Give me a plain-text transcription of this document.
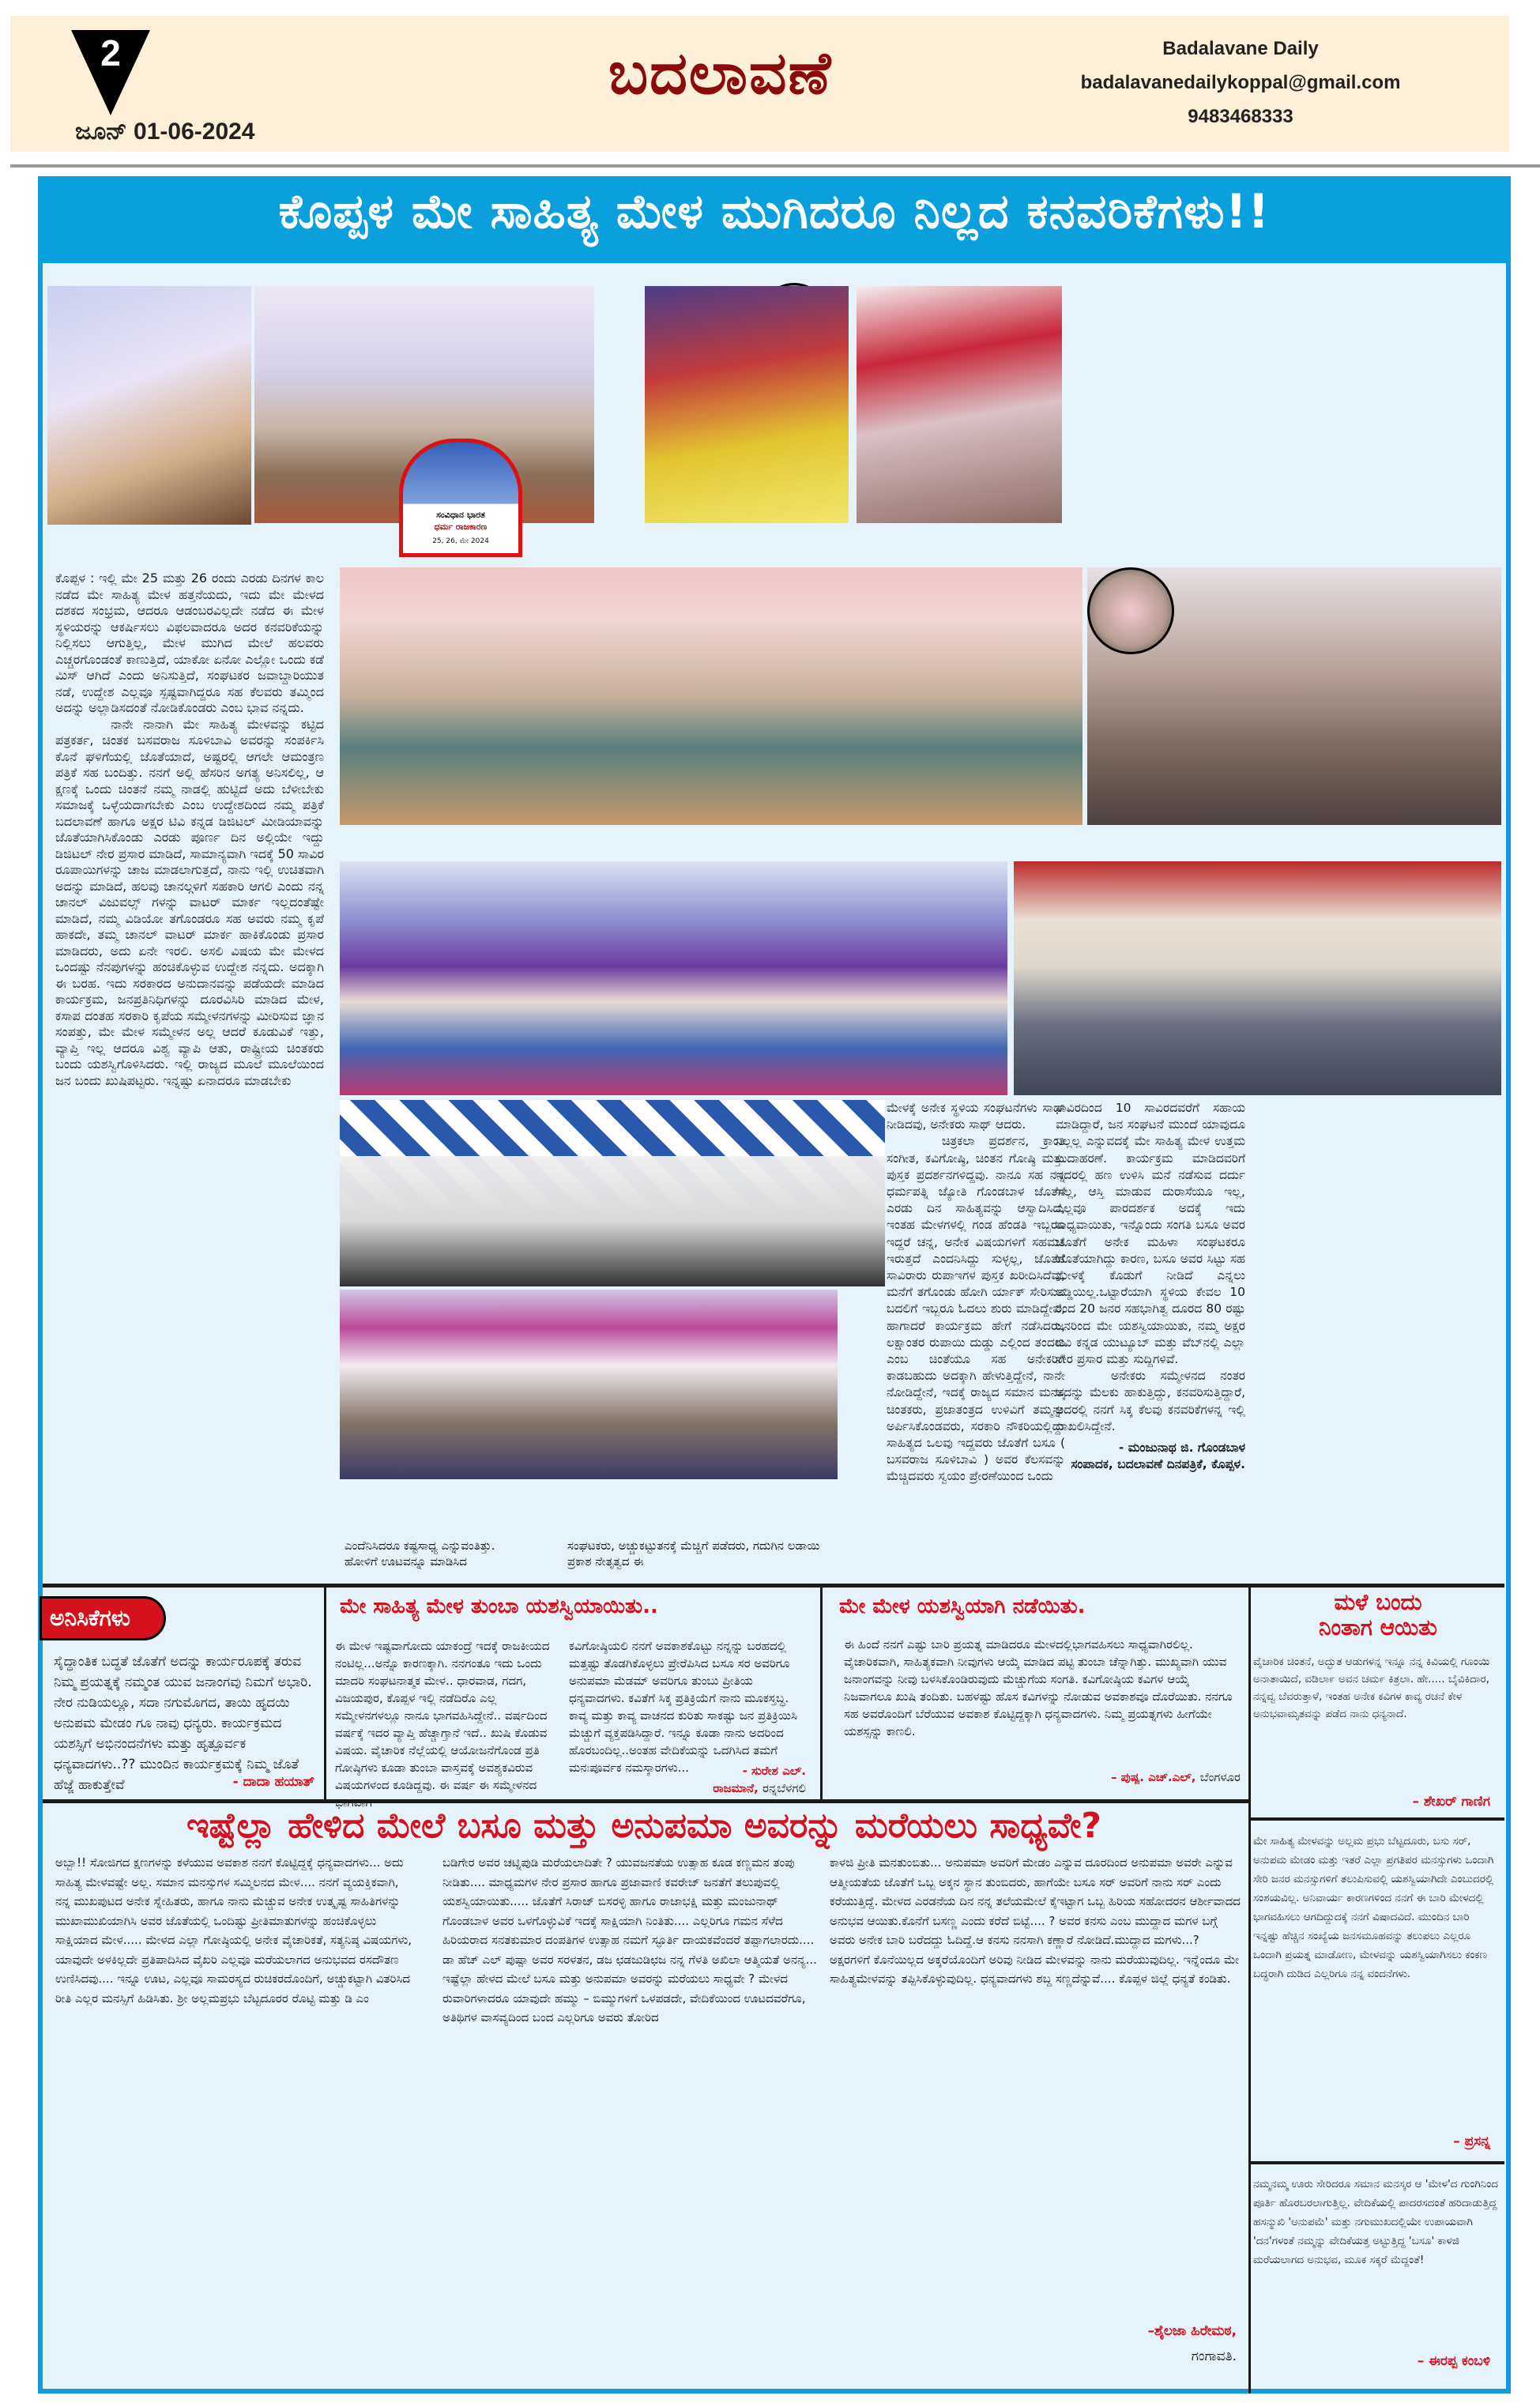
2
ಜೂನ್ 01-06-2024
ಬದಲಾವಣೆ	Badalavane Daily
badalavanedailykoppal@gmail.com
9483468333
ಕೊಪ್ಪಳ ಮೇ ಸಾಹಿತ್ಯ ಮೇಳ ಮುಗಿದರೂ ನಿಲ್ಲದ ಕನವರಿಕೆಗಳು!!
ಸಂವಿಧಾನ ಭಾರತ
ಧರ್ಮ ರಾಜಕಾರಣ
25, 26, ಮೇ 2024

ಕೊಪ್ಪಳ : ಇಲ್ಲಿ ಮೇ 25 ಮತ್ತು 26 ರಂದು ಎರಡು ದಿನಗಳ ಕಾಲ ನಡೆದ ಮೇ ಸಾಹಿತ್ಯ ಮೇಳ ಹತ್ತನೆಯದು, ಇದು ಮೇ ಮೇಳದ ದಶಕದ ಸಂಭ್ರಮ, ಆದರೂ ಆಡಂಬರವಿಲ್ಲದೇ ನಡೆದ ಈ ಮೇಳ ಸ್ಥಳಿಯರನ್ನು ಆಕರ್ಷಿಸಲು ವಿಫಲವಾದರೂ ಅದರ ಕನವರಿಕೆಯನ್ನು ನಿಲ್ಲಿಸಲು ಆಗುತ್ತಿಲ್ಲ, ಮೇಳ ಮುಗಿದ ಮೇಲೆ ಹಲವರು ಎಚ್ಚರಗೊಂಡಂತೆ ಕಾಣುತ್ತಿದೆ, ಯಾಕೋ ಏನೋ ಎಲ್ಲೋ ಒಂದು ಕಡೆ ಮಿಸ್ ಆಗಿದೆ ಎಂದು ಅನಿಸುತ್ತಿದೆ, ಸಂಘಟಕರ ಜವಾಬ್ದಾರಿಯುತ ನಡೆ, ಉದ್ದೇಶ ಎಲ್ಲವೂ ಸ್ಪಷ್ಟವಾಗಿದ್ದರೂ ಸಹ ಕೆಲವರು ತಮ್ಮಿಂದ ಅದನ್ನು ಅಲ್ಲಾಡಿಸದಂತೆ ನೋಡಿಕೊಂಡರು ಎಂಬ ಭಾವ ನನ್ನದು.

ನಾನೇ ನಾನಾಗಿ ಮೇ ಸಾಹಿತ್ಯ ಮೇಳವನ್ನು ಕಟ್ಟಿದ ಪತ್ರಕರ್ತ, ಚಿಂತಕ ಬಸವರಾಜ ಸೂಳಿಬಾವಿ ಅವರನ್ನು ಸಂಪರ್ಕಿಸಿ ಕೊನೆ ಘಳಿಗೆಯಲ್ಲಿ ಜೊತೆಯಾದೆ, ಅಷ್ಟರಲ್ಲಿ ಆಗಲೇ ಆಮಂತ್ರಣ ಪತ್ರಿಕೆ ಸಹ ಬಂದಿತ್ತು. ನನಗೆ ಅಲ್ಲಿ ಹೆಸರಿನ ಅಗತ್ಯ ಅನಿಸಲಿಲ್ಲ, ಆ ಕ್ಷಣಕ್ಕೆ ಒಂದು ಚಿಂತನೆ ನಮ್ಮ ನಾಡಲ್ಲಿ ಹುಟ್ಟಿದೆ ಅದು ಬೆಳೀಬೇಕು ಸಮಾಜಕ್ಕೆ ಒಳ್ಳೆಯದಾಗಬೇಕು ಎಂಬ ಉದ್ದೇಶದಿಂದ ನಮ್ಮ ಪತ್ರಿಕೆ ಬದಲಾವಣೆ ಹಾಗೂ ಅಕ್ಷರ ಟಿವಿ ಕನ್ನಡ ಡಿಜಿಟಲ್ ಮೀಡಿಯಾವನ್ನು ಜೊತೆಯಾಗಿಸಿಕೊಂಡು ಎರಡು ಪೂರ್ಣ ದಿನ ಅಲ್ಲಿಯೇ ಇದ್ದು ಡಿಜಿಟಲ್ ನೇರ ಪ್ರಸಾರ ಮಾಡಿದೆ, ಸಾಮಾನ್ಯವಾಗಿ ಇದಕ್ಕೆ 50 ಸಾವಿರ ರೂಪಾಯಿಗಳನ್ನು ಚಾಜ ಮಾಡಲಾಗುತ್ತದೆ, ನಾನು ಇಲ್ಲಿ ಉಚಿತವಾಗಿ ಅದನ್ನು ಮಾಡಿದೆ, ಹಲವು ಚಾನಲ್ಗಳಿಗೆ ಸಹಕಾರಿ ಆಗಲಿ ಎಂದು ನನ್ನ ಚಾನಲ್ ವಿಜುವಲ್ಸ್ ಗಳನ್ನು ವಾಟರ್ ಮಾರ್ಕ ಇಲ್ಲದಂತೆಷ್ಟೇ ಮಾಡಿದೆ, ನಮ್ಮ ವಿಡಿಯೋ ತಗೊಂಡರೂ ಸಹ ಅವರು ನಮ್ಮ ಕೃಪೆ ಹಾಕದೇ, ತಮ್ಮ ಚಾನಲ್ ವಾಟರ್ ಮಾರ್ಕ ಹಾಕಿಕೊಂಡು ಪ್ರಸಾರ ಮಾಡಿದರು, ಅದು ಏನೇ ಇರಲಿ. ಅಸಲಿ ವಿಷಯ ಮೇ ಮೇಳದ ಒಂದಷ್ಟು ನೆನಪುಗಳನ್ನು ಹಂಚಿಕೊಳ್ಳುವ ಉದ್ದೇಶ ನನ್ನದು. ಅದಕ್ಕಾಗಿ ಈ ಬರಹ. ಇದು ಸರಕಾರದ ಅನುದಾನವನ್ನು ಪಡೆಯದೇ ಮಾಡಿದ ಕಾರ್ಯಕ್ರಮ, ಜನಪ್ರತಿನಿಧಿಗಳನ್ನು ದೂರವಿಸಿರಿ ಮಾಡಿದ ಮೇಳ, ಕಸಾಪ ದಂತಹ ಸರಕಾರಿ ಕೃಪೆಯ ಸಮ್ಮೇಳನಗಳನ್ನು ಮೀರಿಸುವ ಜ್ಞಾನ ಸಂಪತ್ತು, ಮೇ ಮೇಳ ಸಮ್ಮೇಳನ ಅಲ್ಲ ಆದರೆ ಕೂಡುವಿಕೆ ಇತ್ತು, ವ್ಯಾಪ್ತಿ ಇಲ್ಲ ಆದರೂ ವಿಶ್ವ ವ್ಯಾಪಿ ಆತು, ರಾಷ್ಟ್ರೀಯ ಚಿಂತಕರು ಬಂದು ಯಶಸ್ವಿಗೊಳಿಸಿದರು. ಇಲ್ಲಿ ರಾಜ್ಯದ ಮೂಲೆ ಮೂಲೆಯಿಂದ ಜನ ಬಂದು ಖುಷಿಪಟ್ಟರು. ಇನ್ನಷ್ಟು ಏನಾದರೂ ಮಾಡಬೇಕು

ಎಂದೆನಿಸಿದರೂ ಕಷ್ಟಸಾಧ್ಯ ಎನ್ನುವಂತಿತ್ತು. ಹೋಳಿಗೆ ಊಟವನ್ನೂ ಮಾಡಿಸಿದ
ಸಂಘಟಕರು, ಅಚ್ಚುಕಟ್ಟುತನಕ್ಕೆ ಮೆಚ್ಚಿಗೆ ಪಡೆದರು, ಗದುಗಿನ ಲಡಾಯಿ ಪ್ರಕಾಶ ನೇತೃತ್ವದ ಈ

ಮೇಳಕ್ಕೆ ಅನೇಕ ಸ್ಥಳಿಯ ಸಂಘಟನೆಗಳು ಸಾಥ್ ನೀಡಿದವು, ಅನೇಕರು ಸಾಥ್ ಆದರು.

ಚಿತ್ರಕಲಾ ಪ್ರದರ್ಶನ, ಕ್ರಾಂತಿ ಸಂಗೀತ, ಕವಿಗೋಷ್ಠಿ, ಚಿಂತನ ಗೋಷ್ಠಿ ಮತ್ತು ಪುಸ್ತಕ ಪ್ರದರ್ಶನಗಳಿದ್ದವು. ನಾನೂ ಸಹ ನನ್ನ ಧರ್ಮಪತ್ನಿ ಜ್ಯೋತಿ ಗೊಂಡಬಾಳ ಜೊತೆಗೆ ಎರಡು ದಿನ ಸಾಹಿತ್ಯವನ್ನು ಆಸ್ವಾದಿಸಿದೆ, ಇಂತಹ ಮೇಳಗಳಲ್ಲಿ ಗಂಡ ಹೆಂಡತಿ ಇಬ್ಬರೂ ಇದ್ದರೆ ಚನ್ನ, ಅನೇಕ ವಿಷಯಗಳಿಗೆ ಸಹಮತಿ ಇರುತ್ತದೆ ಎಂದನಿಸಿದ್ದು ಸುಳ್ಳಲ್ಲ, ಜೊತೆಗೆ ಸಾವಿರಾರು ರುಪಾಇಗಳ ಪುಸ್ತಕ ಖರೀದಿಸಿದೆವು, ಮನೆಗೆ ತಗೊಂಡು ಹೋಗಿ ರ್ಯಾಕ್ ಸೇರಿಸುವ ಬದಲಿಗೆ ಇಬ್ಬರೂ ಓದಲು ಶುರು ಮಾಡಿದ್ದೇವೆ, ಹಾಗಾದರೆ ಕಾರ್ಯಕ್ರಮ ಹೇಗೆ ನಡೆಸಿದರು, ಲಕ್ಷಾಂತರ ರುಪಾಯಿ ದುಡ್ಡು ಎಲ್ಲಿಂದ ತಂದರು ಎಂಬ ಚಿಂತೆಯೂ ಸಹ ಅನೇಕರಿಗೆ ಕಾಡಬಹುದು ಅದಕ್ಕಾಗಿ ಹೇಳುತ್ತಿದ್ದೇನೆ, ನಾನೇ ನೋಡಿದ್ದೇನೆ, ಇದಕ್ಕೆ ರಾಜ್ಯದ ಸಮಾನ ಮನಸ್ಕ ಚಿಂತಕರು, ಪ್ರಜಾತಂತ್ರದ ಉಳಿವಿಗೆ ತಮ್ಮನ್ನು ಅರ್ಪಿಸಿಕೊಂಡವರು, ಸರಕಾರಿ ನೌಕರಿಯಲ್ಲಿದ್ದು ಸಾಹಿತ್ಯದ ಒಲವು ಇದ್ದವರು ಜೊತೆಗೆ ಬಸೂ ( ಬಸವರಾಜ ಸೂಳಿಬಾವಿ ) ಅವರ ಕೆಲಸವನ್ನು ಮೆಚ್ಚಿದವರು ಸ್ವಯಂ ಪ್ರೇರಣೆಯಿಂದ ಒಂದು

ಸಾವಿರದಿಂದ 10 ಸಾವಿರದವರೆಗೆ ಸಹಾಯ ಮಾಡಿದ್ದಾರೆ, ಜನ ಸಂಘಟನೆ ಮುಂದೆ ಯಾವುದೂ ನಿಲ್ಲಲ್ಲ ಎನ್ನುವದಕ್ಕೆ ಮೇ ಸಾಹಿತ್ಯ ಮೇಳ ಉತ್ತಮ ಉದಾಹರಣೆ. ಕಾರ್ಯಕ್ರಮ ಮಾಡಿದವರಿಗೆ ಇದರಲ್ಲಿ ಹಣ ಉಳಿಸಿ ಮನೆ ನಡೆಸುವ ದರ್ದು ಇಲ್ಲ, ಆಸ್ತಿ ಮಾಡುವ ದುರಾಸೆಯೂ ಇಲ್ಲ, ಎಲ್ಲವೂ ಪಾರದರ್ಶಕ ಅದಕ್ಕೆ ಇದು ಸಾಧ್ಯವಾಯಿತು, ಇನ್ನೊಂದು ಸಂಗತಿ ಬಸೂ ಅವರ ಜೊತೆಗೆ ಅನೇಕ ಮಹಿಳಾ ಸಂಘಟಕರೂ ಜೊತೆಯಾಗಿದ್ದು ಕಾರಣ, ಬಸೂ ಅವರ ಸಿಟ್ಟು ಸಹ ಮೇಳಕ್ಕೆ ಕೊಡುಗೆ ನೀಡಿದೆ ಎನ್ನಲು ಅಡ್ಡಿಯಿಲ್ಲ.ಒಟ್ಟಾರೆಯಾಗಿ ಸ್ಥಳಿಯ ಕೇವಲ 10 ರಿಂದ 20 ಜನರ ಸಹಭಾಗಿತ್ವ ದೂರದ 80 ರಷ್ಟು ಜನರಿಂದ ಮೇ ಯಶಸ್ವಿಯಾಯಿತು, ನಮ್ಮ ಅಕ್ಷರ ಟಿವಿ ಕನ್ನಡ ಯುಟ್ಯೂಬ್ ಮತ್ತು ವೆಬ್‌ನಲ್ಲಿ ಎಲ್ಲಾ ನೇರ ಪ್ರಸಾರ ಮತ್ತು ಸುದ್ದಿಗಳಿವೆ.

ಅನೇಕರು ಸಮ್ಮೇಳನದ ನಂತರ ಅದನ್ನು ಮೆಲಕು ಹಾಕುತ್ತಿದ್ದು, ಕನವರಿಸುತ್ತಿದ್ದಾರೆ, ಅದರಲ್ಲಿ ನನಗೆ ಸಿಕ್ಕ ಕೆಲವು ಕನವರಿಕೆಗಳನ್ನ ಇಲ್ಲಿ ದಾಖಲಿಸಿದ್ದೇನೆ.

- ಮಂಜುನಾಥ ಜಿ. ಗೊಂಡಬಾಳ
ಸಂಪಾದಕ, ಬದಲಾವಣೆ ದಿನಪತ್ರಿಕೆ, ಕೊಪ್ಪಳ.
ಅನಿಸಿಕೆಗಳು
ಸೈದ್ಧಾಂತಿಕ ಬದ್ಧತೆ ಜೊತೆಗೆ ಅದನ್ನು ಕಾರ್ಯರೂಪಕ್ಕೆ ತರುವ ನಿಮ್ಮ ಪ್ರಯತ್ನಕ್ಕೆ ನಮ್ಮಂತ ಯುವ ಜನಾಂಗವು ನಿಮಗೆ ಅಭಾರಿ. ನೇರ ನುಡಿಯಲ್ಲೂ, ಸದಾ ನಗುಮೊಗದ, ತಾಯಿ ಹೃದಯಿ ಅನುಪಮ ಮೇಡಂ ಗೂ ನಾವು ಧನ್ಯರು. ಕಾರ್ಯಕ್ರಮದ ಯಶಸ್ಸಿಗೆ ಅಭಿನಂದನೆಗಳು ಮತ್ತು ಹೃತ್ಪೂರ್ವಕ ಧನ್ಯವಾದಗಳು..?? ಮುಂದಿನ ಕಾರ್ಯಕ್ರಮಕ್ಕೆ ನಿಮ್ಮ ಜೊತೆ ಹೆಜ್ಜೆ ಹಾಕುತ್ತೇವೆ	- ದಾದಾ ಹಯಾತ್
ಮೇ ಸಾಹಿತ್ಯ ಮೇಳ ತುಂಬಾ ಯಶಸ್ವಿಯಾಯಿತು..
ಈ ಮೇಳ ಇಷ್ಟವಾಗೋದು ಯಾಕಂದ್ರೆ ಇದಕ್ಕೆ ರಾಜಕೀಯದ ನಂಟಿಲ್ಲ...ಅನ್ನೊ ಕಾರಣಕ್ಕಾಗಿ. ನನಗಂತೂ ಇದು ಒಂದು ಮಾದರಿ ಸಂಘಟನಾತ್ಮಕ ಮೇಳ.. ಧಾರವಾಡ, ಗದಗ, ವಿಜಯಪುರ, ಕೊಪ್ಪಳ ಇಲ್ಲಿ ನಡೆದಿರೊ ಎಲ್ಲ ಸಮ್ಮೇಳನಗಳಲ್ಲೂ ನಾನೂ ಭಾಗವಹಿಸಿದ್ದೇನೆ.. ವರ್ಷದಿಂದ ವರ್ಷಕ್ಕೆ ಇದರ ವ್ಯಾಪ್ತಿ ಹೆಚ್ಚಾಗ್ತಾನೆ ಇದೆ.. ಖುಷಿ ಕೊಡುವ ವಿಷಯ. ವೈಚಾರಿಕ ನೆಲ್ಲೆಯಲ್ಲಿ ಆಯೋಜನೆಗೊಂಡ ಪ್ರತಿ ಗೋಷ್ಠಿಗಳು ಕೂಡಾ ತುಂಬಾ ವಾಸ್ತವಕ್ಕೆ ಅವಶ್ಯಕವಿರುವ ವಿಷಯಗಳಂದ ಕೂಡಿದ್ದವು. ಈ ವರ್ಷ ಈ ಸಮ್ಮೇಳನದ ಭಾಗವಾಗಿ
ಕವಿಗೋಷ್ಠಿಯಲಿ ನನಗೆ ಅವಕಾಶಕೊಟ್ಟು ನನ್ನನ್ನು ಬರಹದಲ್ಲಿ ಮತ್ತಷ್ಟು ತೊಡಗಿಕೊಳ್ಳಲು ಪ್ರೇರೆಪಿಸಿದ ಬಸೂ ಸರ ಅವರಿಗೂ ಅನುಪಮಾ ಮೆಡಮ್ ಅವರಿಗೂ ತುಂಬು ಪ್ರೀತಿಯ ಧನ್ಯವಾದಗಳು. ಕವಿತೆಗೆ ಸಿಕ್ಕ ಪ್ರತಿಕ್ರಿಯೆಗೆ ನಾನು ಮೂಕಸ್ತಬ್ಧ. ಕಾವ್ಯ ಮತ್ತು ಕಾವ್ಯ ವಾಚನದ ಕುರಿತು ಸಾಕಷ್ಟು ಜನ ಪ್ರತಿಕ್ರಿಯಿಸಿ ಮೆಚ್ಚುಗೆ ವ್ಯಕ್ತಪಡಿಸಿದ್ದಾರೆ. ಇನ್ನೂ ಕೂಡಾ ನಾನು ಅದರಿಂದ ಹೊರಬಂದಿಲ್ಲ..ಅಂತಹ ವೇದಿಕೆಯನ್ನು ಒದಗಿಸಿದ ತಮಗೆ ಮನಃಪೂರ್ವಕ ನಮಸ್ಕಾರಗಳು...	- ಸುರೇಶ ಎಲ್.
ರಾಜಮಾನೆ, ರನ್ನಬೆಳಗಲಿ
ಮೇ ಮೇಳ ಯಶಸ್ವಿಯಾಗಿ ನಡೆಯಿತು.
ಈ ಹಿಂದೆ ನನಗೆ ಎಷ್ಟು ಬಾರಿ ಪ್ರಯತ್ನ ಮಾಡಿದರೂ ಮೇಳದಲ್ಲಿಭಾಗವಹಿಸಲು ಸಾಧ್ಯವಾಗಿರಲಿಲ್ಲ. ವೈಚಾರಿಕವಾಗಿ, ಸಾಹಿತ್ಯಕವಾಗಿ ನೀವುಗಳು ಆಯ್ಕೆ ಮಾಡಿದ ಪಟ್ಟಿ ತುಂಬಾ ಚೆನ್ನಾಗಿತ್ತು. ಮುಖ್ಯವಾಗಿ ಯುವ ಜನಾಂಗವನ್ನು ನೀವು ಬಳಸಿಕೊಂಡಿರುವುದು ಮೆಚ್ಚುಗೆಯ ಸಂಗತಿ. ಕವಿಗೋಷ್ಠಿಯ ಕವಿಗಳ ಆಯ್ಕೆ ನಿಜವಾಗಲೂ ಖುಷಿ ತಂದಿತು. ಬಹಳಷ್ಟು ಹೊಸ ಕವಿಗಳನ್ನು ನೋಡುವ ಅವಕಾಶವೂ ದೊರೆಯಿತು. ನನಗೂ ಸಹ ಅವರೊಂದಿಗೆ ಬೆರೆಯುವ ಅವಕಾಶ ಕೊಟ್ಟಿದ್ದಕ್ಕಾಗಿ ಧನ್ಯವಾದಗಳು. ನಿಮ್ಮ ಪ್ರಯತ್ನಗಳು ಹೀಗೆಯೇ ಯಶಸ್ಸನ್ನು ಕಾಣಲಿ.
– ಪುಷ್ಪ. ಎಚ್.ಎಲ್, ಬೆಂಗಳೂರ
ಮಳೆ ಬಂದು
ನಿಂತಾಗ ಆಯಿತು
ವೈಚಾರಿಕ ಚಿಂತನೆ, ಅದ್ಭುತ ಆಡುಗಳನ್ನ ಇನ್ನೂ ನನ್ನ ಕಿವಿಯಲ್ಲಿ ಗೂಂಯಿ ಅನಾತಾಯಿದೆ, ವಡಿಲಾ೯ ಅವನ ಚಮ೯ ಕಿತ್ರಲಾ. ಹೇ..... ಬೈವಿಕಿದಾರ, ನನ್ನವ್ವ ಬೆವರುತ್ತಾಳೆ, ಇಂತಹ ಅನೇಕ ಕವಿಗಳ ಕಾವ್ಯ ರಚನೆ ಕೇಳ ಅನುಭವಾಮೃತವನ್ನು ಪಡೆದ ನಾನು ಧನ್ಯನಾದೆ.
– ಶೇಖರ್ ಗಾಣಿಗ
ಮೇ ಸಾಹಿತ್ಯ ಮೇಳವನ್ನು ಅಲ್ಲಮ ಪ್ರಭು ಬೆಟ್ಟದೂರು, ಬಸು ಸರ್, ಅನುಪಮ ಮೇಡಂ ಮತ್ತು ಇತರೆ ಎಲ್ಲಾ ಪ್ರಗತಿಪರ ಮನಸ್ಸುಗಳು ಒಂದಾಗಿ ಸೇರಿ ಜನರ ಮನಸ್ಸುಗಳಿಗೆ ತಲುಪಿಸುವಲ್ಲಿ ಯಶಸ್ವಿಯಾಗಿದೇ ಎಂಬುದರಲ್ಲಿ ಸಂಶಯವಿಲ್ಲ. ಅನಿವಾರ್ಯ ಕಾರಣಗಳಿಂದ ನನಗೆ ಈ ಬಾರಿ ಮೇಳದಲ್ಲಿ ಭಾಗವಹಿಸಲು ಆಗದಿದ್ದುದಕ್ಕೆ ನನಗೆ ವಿಷಾದವಿದೆ. ಮುಂದಿನ ಬಾರಿ ಇನ್ನಷ್ಟು ಹೆಚ್ಚಿನ ಸಂಖ್ಯೆಯ ಜನಸಮೂಹವನ್ನು ತಲುಪಲು ಎಲ್ಲರೂ ಒಂದಾಗಿ ಪ್ರಯತ್ನ ಮಾಡೋಣ, ಮೇಳವನ್ನು ಯಶಸ್ವಿಯಾಗಿಸಲು ಕಂಕಣ ಬದ್ಧರಾಗಿ ದುಡಿದ ಎಲ್ಲರಿಗೂ ನನ್ನ ವಂದನೆಗಳು.
– ಪ್ರಸನ್ನ
ನಮ್ಮನಮ್ಮ ಊರು ಸೇರಿದರೂ ಸಮಾನ ಮನಸ್ಕರ ಆ 'ಮೇಳ'ದ ಗುಂಗಿನಿಂದ ಪೂರ್ತಿ ಹೊರಬರಲಾಗುತ್ತಿಲ್ಲ. ವೇದಿಕೆಯಲ್ಲಿ ಪಾದರಸದಂತೆ ಹರಿದಾಡುತ್ತಿದ್ದ ಹಸನ್ಮುಖಿ 'ಅನುಪಮೆ' ಮತ್ತು ನಗುಮುಖದಲ್ಲಿಯೇ ಉಪಾಯವಾಗಿ 'ದನ'ಗಳಂತೆ ನಮ್ಮನ್ನು ವೇದಿಕೆಯತ್ತ ಅಟ್ಟುತ್ತಿದ್ದ 'ಬಸೂ' ಕಾಳಜಿ ಮರೆಯಲಾಗದ ಅನುಭವ, ಮೂಕ ಸಕ್ಕರೆ ಮೆದ್ದಂತೆ!
– ಈರಪ್ಪ ಕಂಬಳಿ
ಇಷ್ಟೆಲ್ಲಾ ಹೇಳಿದ ಮೇಲೆ ಬಸೂ ಮತ್ತು ಅನುಪಮಾ ಅವರನ್ನು ಮರೆಯಲು ಸಾಧ್ಯವೇ?
ಅಬ್ಬಾ!! ಸೋಜಿಗದ ಕ್ಷಣಗಳನ್ನು ಕಳೆಯುವ ಅವಕಾಶ ನನಗೆ ಕೊಟ್ಟಿದ್ದಕ್ಕೆ ಧನ್ಯವಾದಗಳು... ಅದು ಸಾಹಿತ್ಯ ಮೇಳವಷ್ಟೇ ಅಲ್ಲ. ಸಮಾನ ಮನಸ್ಸುಗಳ ಸಮ್ಮಿಲನದ ಮೇಳ.... ನನಗೆ ವ್ಯಯಕ್ತಿಕವಾಗಿ, ನನ್ನ ಮುಖಪುಟದ ಅನೇಕ ಸ್ನೇಹಿತರು, ಹಾಗೂ ನಾನು ಮೆಚ್ಚುವ ಅನೇಕ ಉತ್ಕೃಷ್ಟ ಸಾಹಿತಿಗಳನ್ನು ಮುಖಾಮುಖಿಯಾಗಿಸಿ ಅವರ ಜೊತೆಯಲ್ಲಿ ಒಂದಿಷ್ಟು ಪ್ರೀತಿಮಾತುಗಳನ್ನು ಹಂಚಿಕೊಳ್ಳಲು ಸಾಕ್ಷಿಯಾದ ಮೇಳ..... ಮೇಳದ ಎಲ್ಲಾ ಗೋಷ್ಠಿಯಲ್ಲಿ ಅನೇಕ ವೈಚಾರಿಕತೆ, ಸತ್ಯನಿಷ್ಠ ವಿಷಯಗಳು, ಯಾವುದೇ ಅಳಕಿಲ್ಲದೇ ಪ್ರತಿಪಾದಿಸಿದ ವೈಖರಿ ಎಲ್ಲವೂ ಮರೆಯಲಾಗದ ಅನುಭವದ ರಸದೌತಣ ಉಣಿಸಿದವು.... ಇನ್ನೂ ಊಟ, ಎಲ್ಲವೂ ಸಾಮರಸ್ಯದ ರುಚಿಕರದೊಂದಿಗೆ, ಅಚ್ಚುಕಟ್ಟಾಗಿ ವಿತರಿಸಿದ ರೀತಿ ಎಲ್ಲರ ಮನಸ್ಸಿಗೆ ಹಿಡಿಸಿತು. ಶ್ರೀ ಅಲ್ಲಮಪ್ರಭು ಬೆಟ್ಟದೂರರ ರೊಟ್ಟಿ ಮತ್ತು ಡಿ ಎಂ
ಬಡಿಗೇರ ಅವರ ಚಟ್ನಿಪುಡಿ ಮರೆಯಲಾದಿತೇ ? ಯುವಜನತೆಯ ಉತ್ಸಾಹ ಕೂಡ ಕಣ್ಣಮನ ತಂಪು ನೀಡಿತು.... ಮಾಧ್ಯಮಗಳ ನೇರ ಪ್ರಸಾರ ಹಾಗೂ ಪ್ರಜಾವಾಣಿ ಕವರೇಜ್ ಜನತೆಗೆ ತಲುಪುವಲ್ಲಿ ಯಶಸ್ವಿಯಾಯಿತು..... ಜೊತೆಗೆ ಸಿರಾಜ್ ಬಿಸರಳ್ಳಿ ಹಾಗೂ ರಾಜಾಭಕ್ಷಿ ಮತ್ತು ಮಂಜುನಾಥ್ ಗೊಂಡಬಾಳ ಅವರ ಒಳಗೊಳ್ಳುವಿಕೆ ಇದಕ್ಕೆ ಸಾಕ್ಷಿಯಾಗಿ ನಿಂತಿತು.... ಎಲ್ಲರಿಗೂ ಗಮನ ಸೆಳೆದ ಹಿರಿಯರಾದ ಸನತಕುಮಾರ ದಂಪತಿಗಳ ಉತ್ಸಾಹ ನಮಗೆ ಸ್ಫೂರ್ತಿ ದಾಯಕವೆಂದರೆ ತಪ್ಪಾಗಲಾರದು.... ಡಾ ಹೆಚ್ ಎಲ್ ಪುಷ್ಪಾ ಅವರ ಸರಳತನ, ಡಜ ಛಡಜುಡಿಛಜ ನನ್ನ ಗೆಳತಿ ಅಖಿಲಾ ಆತ್ಮಿಯತೆ ಅನನ್ಯ... ಇಷ್ಟೆಲ್ಲಾ ಹೇಳದ ಮೇಲೆ ಬಸೂ ಮತ್ತು ಅನುಪಮಾ ಅವರನ್ನು ಮರೆಯಲು ಸಾಧ್ಯವೇ ? ಮೇಳದ ರುವಾರಿಗಳಾದರೂ ಯಾವುದೇ ಹಮ್ಮು – ಬಿಮ್ಮುಗಳಿಗೆ ಒಳಪಡದೇ, ವೇದಿಕೆಯಿಂದ ಊಟದವರೆಗೂ, ಅತಿಥಿಗಳ ವಾಸವ್ಯದಿಂದ ಬಂದ ಎಲ್ಲರಿಗೂ ಅವರು ತೋರಿದ
ಕಾಳಜಿ ಪ್ರೀತಿ ಮನತುಂಬಿತು... ಅನುಪಮಾ ಅವರಿಗೆ ಮೇಡಂ ಎನ್ನುವ ದೂರದಿಂದ ಅನುಪಮಾ ಅವರೇ ಎನ್ನುವ ಆತ್ಮೀಯತೆಯ ಜೊತೆಗೆ ಒಬ್ಬ ಅಕ್ಕನ ಸ್ಥಾನ ತುಂಬಿದರು, ಹಾಗೆಯೇ ಬಸೂ ಸರ್ ಅವರಿಗೆ ನಾನು ಸರ್ ಎಂದು ಕರೆಯುತ್ತಿದ್ದೆ. ಮೇಳದ ಎರಡನೆಯ ದಿನ ನನ್ನ ತಲೆಯಮೇಲೆ ಕೈಇಟ್ಟಾಗ ಒಬ್ಬ ಹಿರಿಯ ಸಹೋದರನ ಆರ್ಶೀವಾದದ ಅನುಭವ ಆಯಿತು.ಕೊನೆಗೆ ಬಸಣ್ಣ ಎಂದು ಕರೆದೆ ಬಿಟ್ಟೆ.... ? ಅವರ ಕನಸು ಎಂಬ ಮುದ್ದಾದ ಮಗಳ ಬಗ್ಗೆ ಅವರು ಅನೇಕ ಬಾರಿ ಬರೆದದ್ದು ಓದಿದ್ದೆ.ಆ ಕನಸು ನನಸಾಗಿ ಕಣ್ಣಾರೆ ನೋಡಿದೆ.ಮುದ್ದಾದ ಮಗಳು...? ಅಕ್ಷರಗಳಿಗೆ ಕೊನೆಯಿಲ್ಲದ ಅಕ್ಕರೆಯೊಂದಿಗೆ ಅರಿವು ನೀಡಿದ ಮೇಳವನ್ನು ನಾನು ಮರೆಯುವುದಿಲ್ಲ. ಇನ್ನೆಂದೂ ಮೇ ಸಾಹಿತ್ಯಮೇಳವನ್ನು ತಪ್ಪಿಸಿಕೊಳ್ಳುವುದಿಲ್ಲ. ಧನ್ಯವಾದಗಳು ಶಬ್ದ ಸಣ್ಣದೆನ್ನುವೆ.... ಕೊಪ್ಪಳ ಜಿಲ್ಲೆ ಧನ್ಯತೆ ಕಂಡಿತು.
–ಶೈಲಜಾ ಹಿರೇಮಠ,
ಗಂಗಾವತಿ.
